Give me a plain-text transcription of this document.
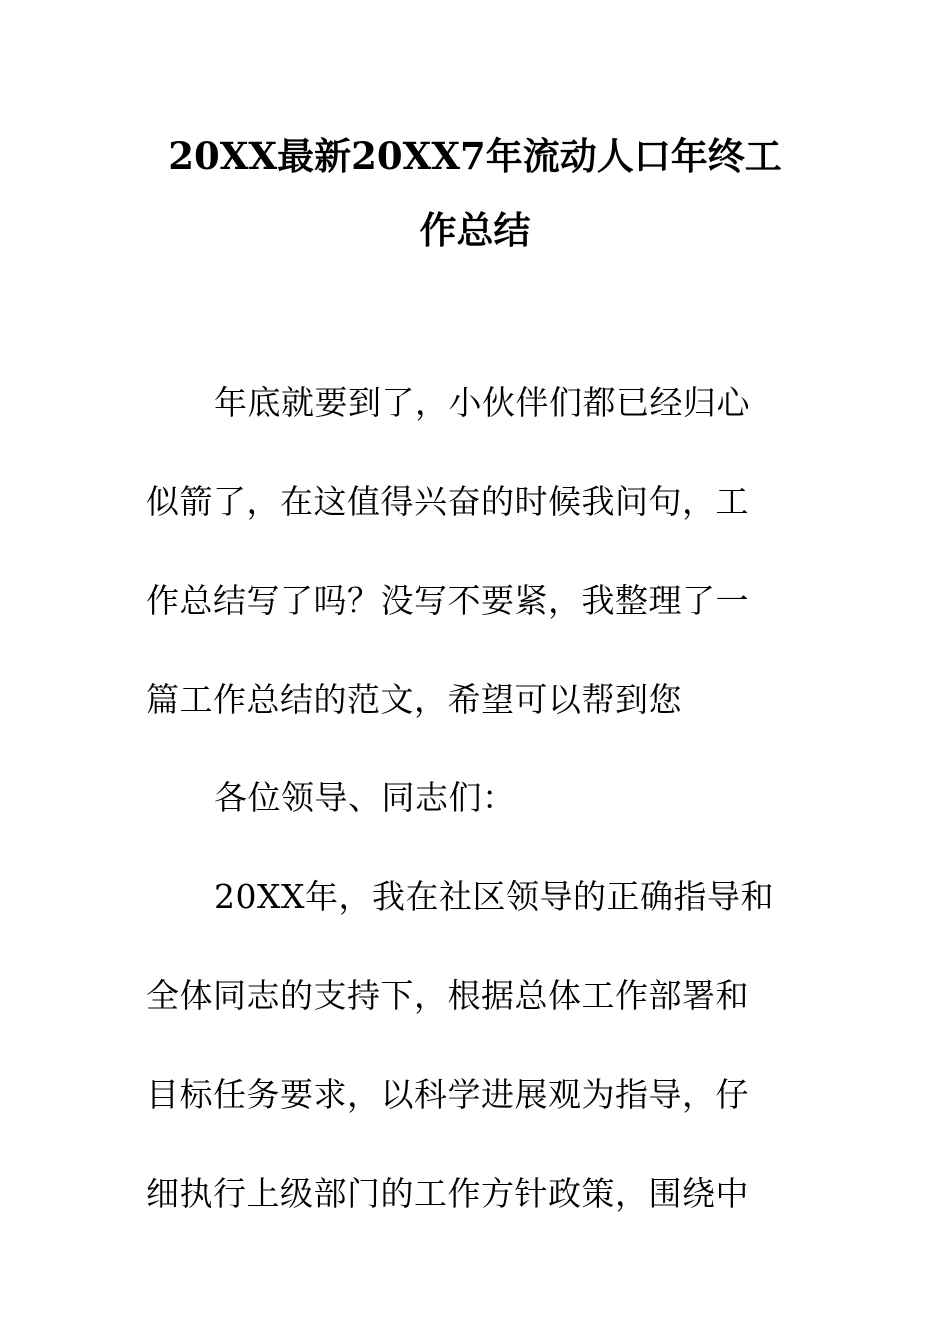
20XX最新20XX7年流动人口年终工
作总结
年底就要到了，小伙伴们都已经归心
似箭了，在这值得兴奋的时候我问句，工
作总结写了吗？没写不要紧，我整理了一
篇工作总结的范文，希望可以帮到您
各位领导、同志们：
20XX年，我在社区领导的正确指导和
全体同志的支持下，根据总体工作部署和
目标任务要求，以科学进展观为指导，仔
细执行上级部门的工作方针政策，围绕中
